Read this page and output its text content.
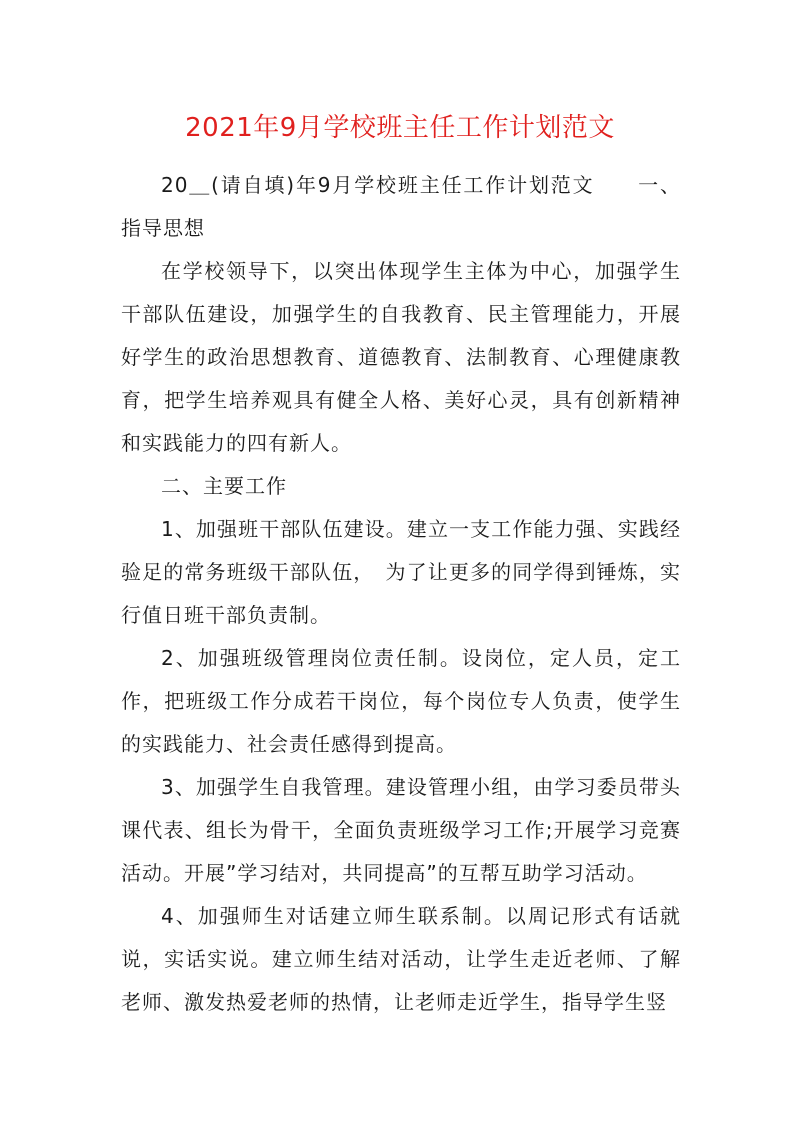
2021年9月学校班主任工作计划范文

20＿(请自填)年9月学校班主任工作计划范文　　一、指导思想

在学校领导下，以突出体现学生主体为中心，加强学生干部队伍建设，加强学生的自我教育、民主管理能力，开展好学生的政治思想教育、道德教育、法制教育、心理健康教育，把学生培养观具有健全人格、美好心灵，具有创新精神和实践能力的四有新人。

二、主要工作

1、加强班干部队伍建设。建立一支工作能力强、实践经验足的常务班级干部队伍，　为了让更多的同学得到锤炼，实行值日班干部负责制。

2、加强班级管理岗位责任制。设岗位，定人员，定工作，把班级工作分成若干岗位，每个岗位专人负责，使学生的实践能力、社会责任感得到提高。

3、加强学生自我管理。建设管理小组，由学习委员带头课代表、组长为骨干，全面负责班级学习工作;开展学习竞赛活动。开展”学习结对，共同提高”的互帮互助学习活动。

4、加强师生对话建立师生联系制。以周记形式有话就说，实话实说。建立师生结对活动，让学生走近老师、了解老师、激发热爱老师的热情，让老师走近学生，指导学生竖
